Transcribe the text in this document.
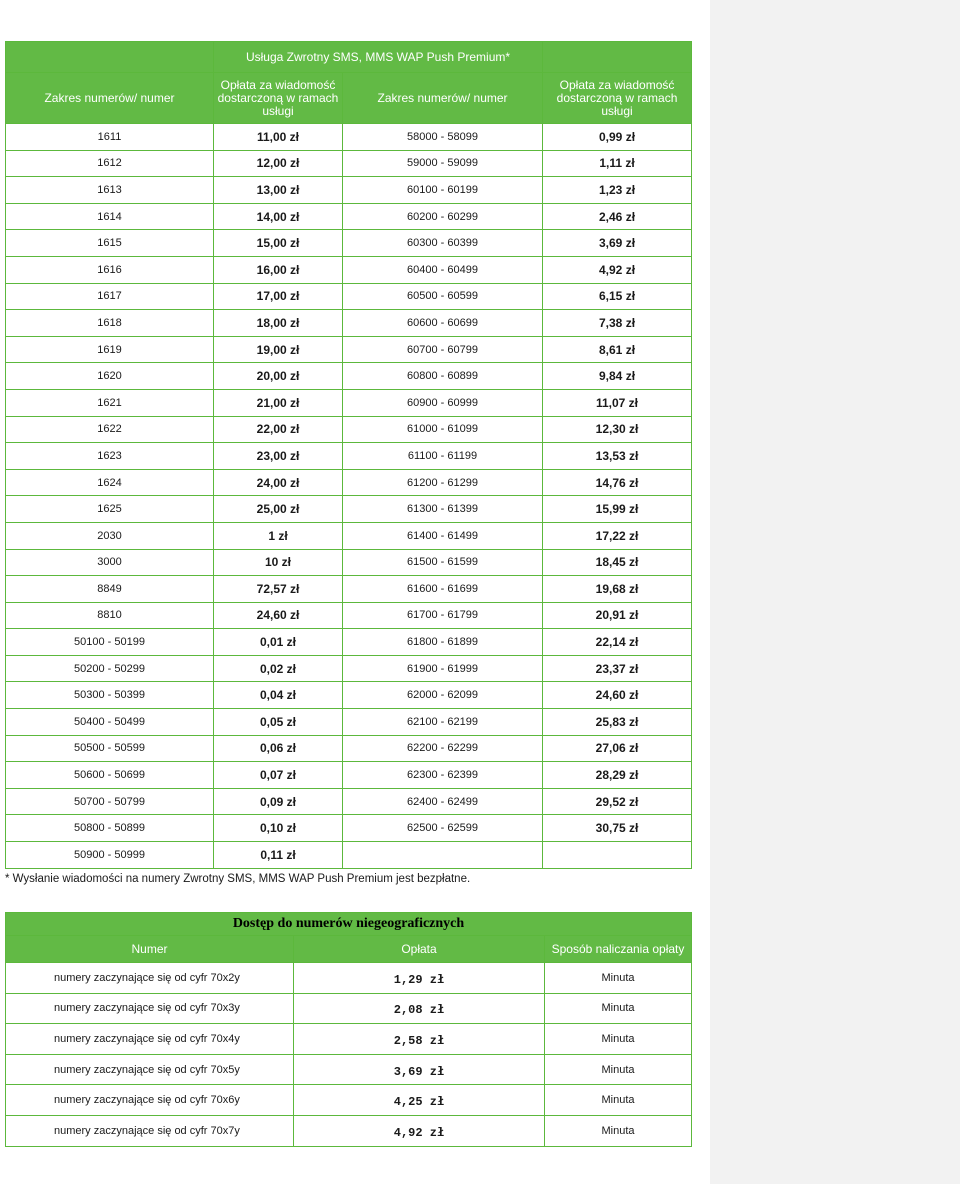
	Usługa Zwrotny SMS, MMS WAP Push Premium*		
Zakres numerów/ numer	Opłata za wiadomość dostarczoną w ramach usługi	Zakres numerów/ numer	Opłata za wiadomość dostarczoną w ramach usługi
1611	11,00 zł	58000 - 58099	0,99 zł
1612	12,00 zł	59000 - 59099	1,11 zł
1613	13,00 zł	60100 - 60199	1,23 zł
1614	14,00 zł	60200 - 60299	2,46 zł
1615	15,00 zł	60300 - 60399	3,69 zł
1616	16,00 zł	60400 - 60499	4,92 zł
1617	17,00 zł	60500 - 60599	6,15 zł
1618	18,00 zł	60600 - 60699	7,38 zł
1619	19,00 zł	60700 - 60799	8,61 zł
1620	20,00 zł	60800 - 60899	9,84 zł
1621	21,00 zł	60900 - 60999	11,07 zł
1622	22,00 zł	61000 - 61099	12,30 zł
1623	23,00 zł	61100 - 61199	13,53 zł
1624	24,00 zł	61200 - 61299	14,76 zł
1625	25,00 zł	61300 - 61399	15,99 zł
2030	1 zł	61400 - 61499	17,22 zł
3000	10 zł	61500 - 61599	18,45 zł
8849	72,57 zł	61600 - 61699	19,68 zł
8810	24,60 zł	61700 - 61799	20,91 zł
50100 - 50199	0,01 zł	61800 - 61899	22,14 zł
50200 - 50299	0,02 zł	61900 - 61999	23,37 zł
50300 - 50399	0,04 zł	62000 - 62099	24,60 zł
50400 - 50499	0,05 zł	62100 - 62199	25,83 zł
50500 - 50599	0,06 zł	62200 - 62299	27,06 zł
50600 - 50699	0,07 zł	62300 - 62399	28,29 zł
50700 - 50799	0,09 zł	62400 - 62499	29,52 zł
50800 - 50899	0,10 zł	62500 - 62599	30,75 zł
50900 - 50999	0,11 zł		
* Wysłanie wiadomości na numery Zwrotny SMS, MMS WAP Push Premium jest bezpłatne.
Dostęp do numerów niegeograficznych		
Numer	Opłata	Sposób naliczania opłaty
numery zaczynające się od cyfr 70x2y	1,29 zł	Minuta
numery zaczynające się od cyfr 70x3y	2,08 zł	Minuta
numery zaczynające się od cyfr 70x4y	2,58 zł	Minuta
numery zaczynające się od cyfr 70x5y	3,69 zł	Minuta
numery zaczynające się od cyfr 70x6y	4,25 zł	Minuta
numery zaczynające się od cyfr 70x7y	4,92 zł	Minuta
